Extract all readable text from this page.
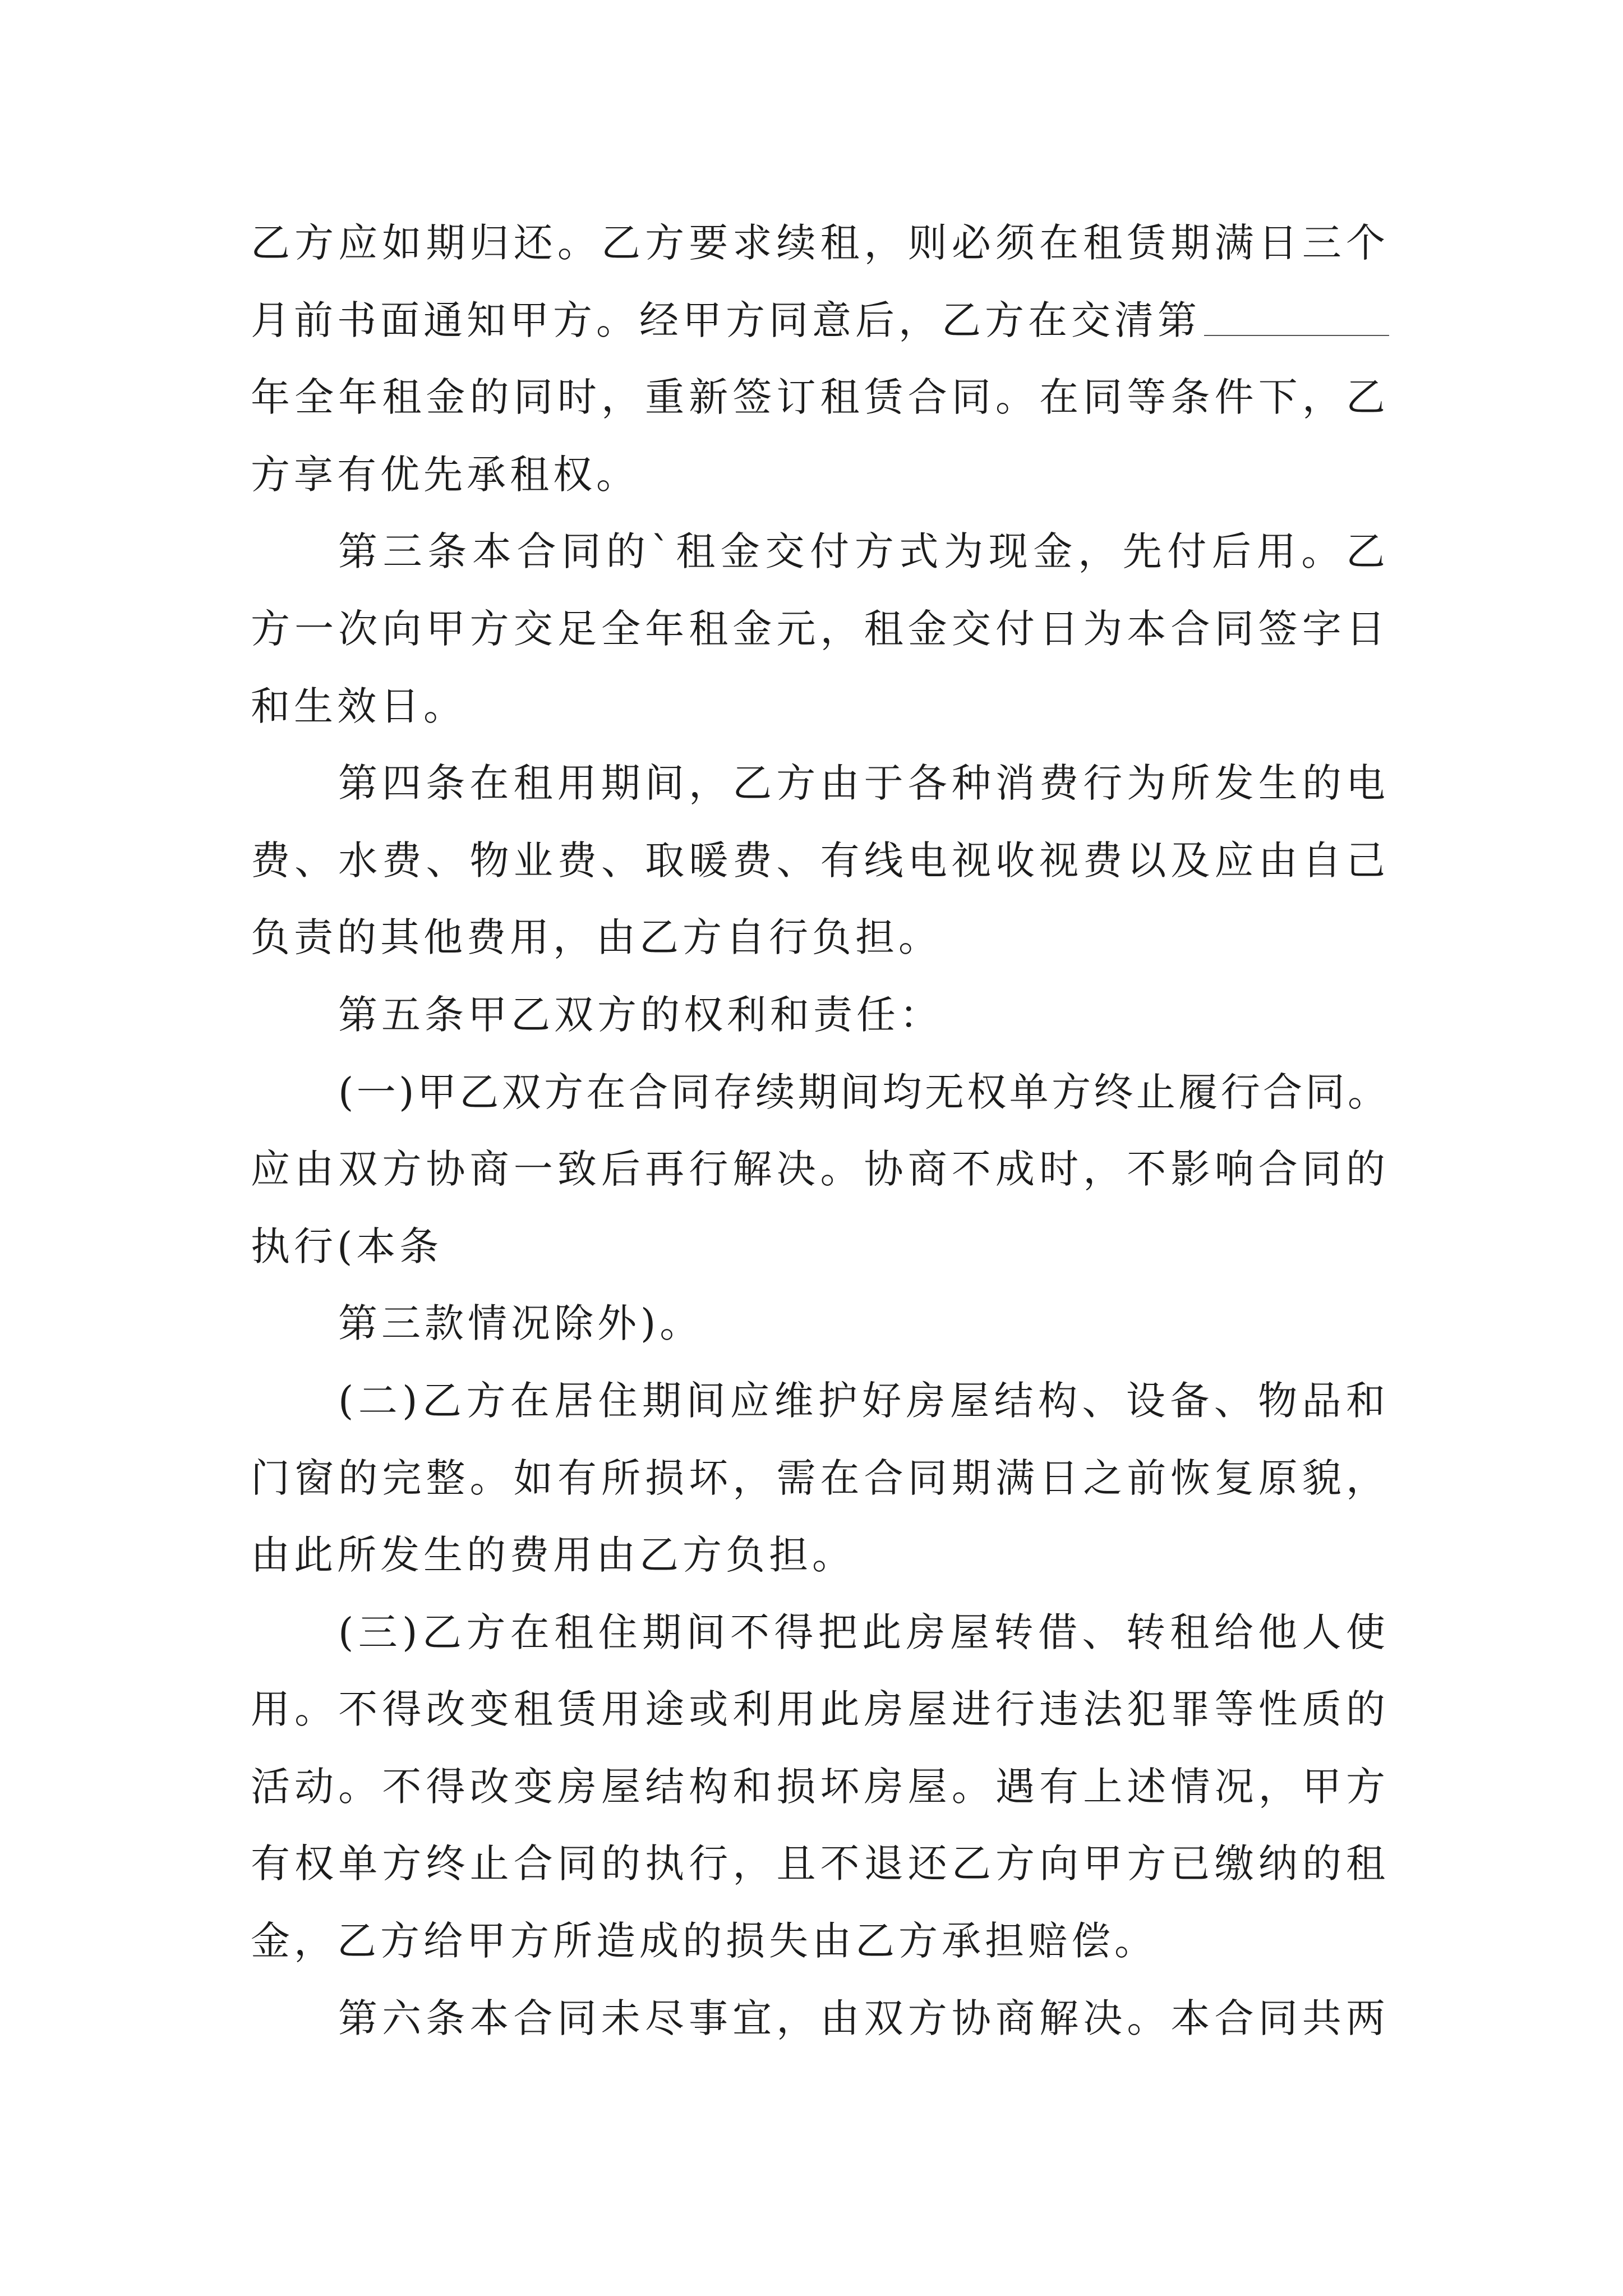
乙方应如期归还。乙方要求续租，则必须在租赁期满日三个
月前书面通知甲方。经甲方同意后，乙方在交清第
年全年租金的同时，重新签订租赁合同。在同等条件下，乙
方享有优先承租权。
第三条本合同的`租金交付方式为现金，先付后用。乙
方一次向甲方交足全年租金元，租金交付日为本合同签字日
和生效日。
第四条在租用期间，乙方由于各种消费行为所发生的电
费、水费、物业费、取暖费、有线电视收视费以及应由自己
负责的其他费用，由乙方自行负担。
第五条甲乙双方的权利和责任：
(一)甲乙双方在合同存续期间均无权单方终止履行合同。
应由双方协商一致后再行解决。协商不成时，不影响合同的
执行(本条
第三款情况除外)。
(二)乙方在居住期间应维护好房屋结构、设备、物品和
门窗的完整。如有所损坏，需在合同期满日之前恢复原貌，
由此所发生的费用由乙方负担。
(三)乙方在租住期间不得把此房屋转借、转租给他人使
用。不得改变租赁用途或利用此房屋进行违法犯罪等性质的
活动。不得改变房屋结构和损坏房屋。遇有上述情况，甲方
有权单方终止合同的执行，且不退还乙方向甲方已缴纳的租
金，乙方给甲方所造成的损失由乙方承担赔偿。
第六条本合同未尽事宜，由双方协商解决。本合同共两
